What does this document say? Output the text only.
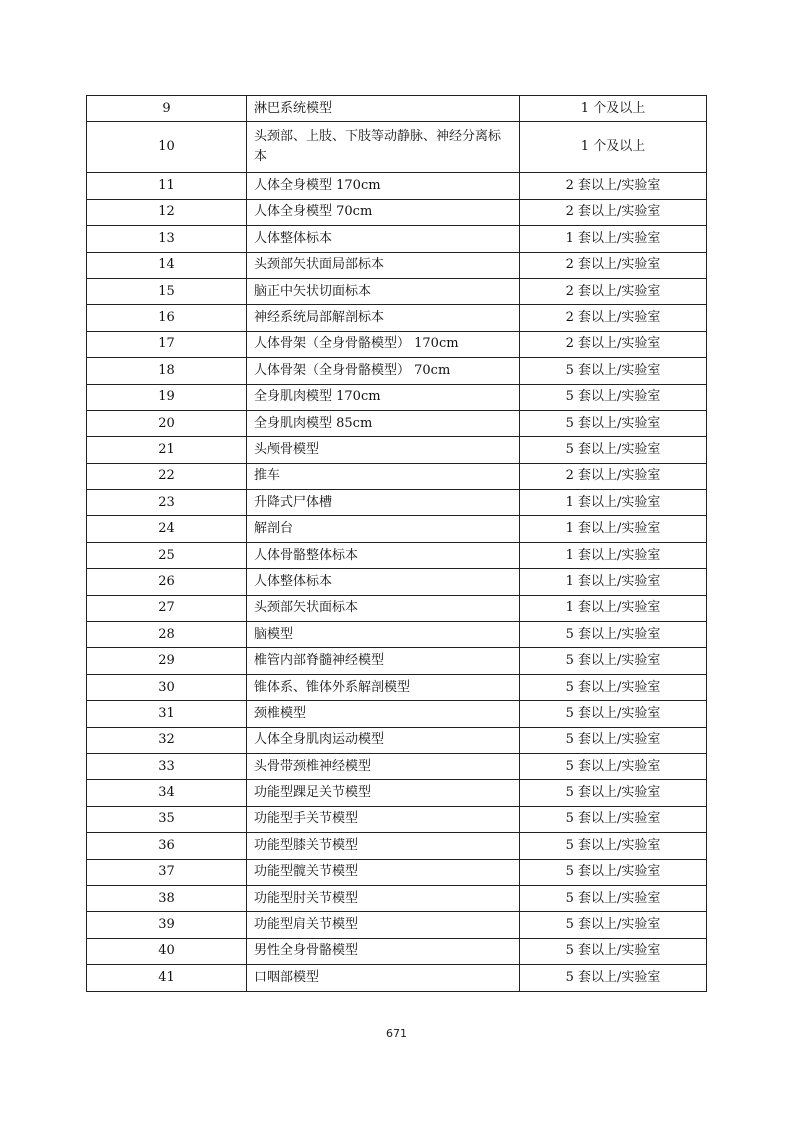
9	淋巴系统模型	1 个及以上
10	头颈部、上肢、下肢等动静脉、神经分离标本	1 个及以上
11	人体全身模型 170cm	2 套以上/实验室
12	人体全身模型 70cm	2 套以上/实验室
13	人体整体标本	1 套以上/实验室
14	头颈部矢状面局部标本	2 套以上/实验室
15	脑正中矢状切面标本	2 套以上/实验室
16	神经系统局部解剖标本	2 套以上/实验室
17	人体骨架（全身骨骼模型） 170cm	2 套以上/实验室
18	人体骨架（全身骨骼模型） 70cm	5 套以上/实验室
19	全身肌肉模型 170cm	5 套以上/实验室
20	全身肌肉模型 85cm	5 套以上/实验室
21	头颅骨模型	5 套以上/实验室
22	推车	2 套以上/实验室
23	升降式尸体槽	1 套以上/实验室
24	解剖台	1 套以上/实验室
25	人体骨骼整体标本	1 套以上/实验室
26	人体整体标本	1 套以上/实验室
27	头颈部矢状面标本	1 套以上/实验室
28	脑模型	5 套以上/实验室
29	椎管内部脊髓神经模型	5 套以上/实验室
30	锥体系、锥体外系解剖模型	5 套以上/实验室
31	颈椎模型	5 套以上/实验室
32	人体全身肌肉运动模型	5 套以上/实验室
33	头骨带颈椎神经模型	5 套以上/实验室
34	功能型踝足关节模型	5 套以上/实验室
35	功能型手关节模型	5 套以上/实验室
36	功能型膝关节模型	5 套以上/实验室
37	功能型髋关节模型	5 套以上/实验室
38	功能型肘关节模型	5 套以上/实验室
39	功能型肩关节模型	5 套以上/实验室
40	男性全身骨骼模型	5 套以上/实验室
41	口咽部模型	5 套以上/实验室
671
